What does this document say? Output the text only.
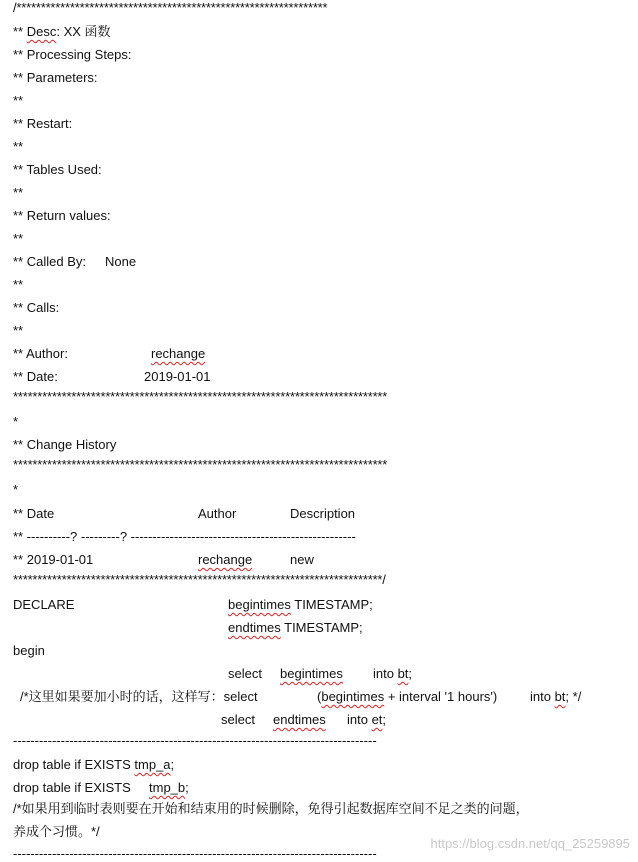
/****************************************************************
** Desc: XX 函数
** Processing Steps:
** Parameters:
**
** Restart:
**
** Tables Used:
**
** Return values:
**
** Called By: None
**
** Calls:
**
** Author:	rechange
** Date:	2019-01-01
*****************************************************************************
*
** Change History
*****************************************************************************
*
** Date	Author	Description
** ----------? ---------? ----------------------------------------------------
** 2019-01-01	rechange	new
****************************************************************************/
DECLARE	begintimes TIMESTAMP;
endtimes TIMESTAMP;
begin
select begintimes into bt;
/*这里如果要加小时的话，这样写：select	(begintimes + interval '1 hours')	into bt; */
select endtimes into et;
------------------------------------------------------------------------------------
drop table if EXISTS tmp_a;
drop table if EXISTS tmp_b;
/*如果用到临时表则要在开始和结束用的时候删除，免得引起数据库空间不足之类的问题，
养成个习惯。*/
------------------------------------------------------------------------------------
https://blog.csdn.net/qq_25259895
